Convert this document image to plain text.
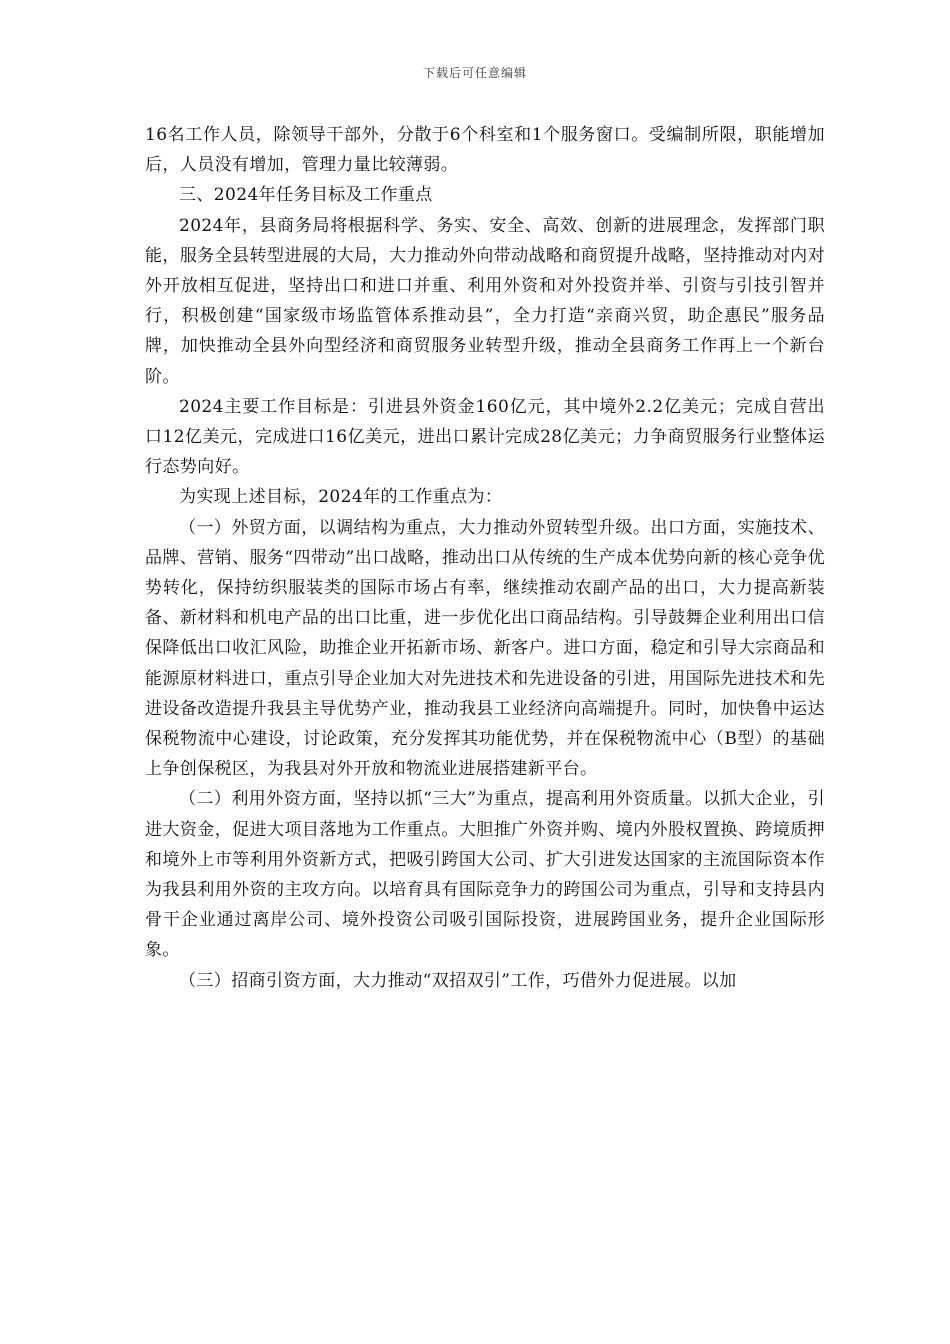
下载后可任意编辑

16名工作人员，除领导干部外，分散于6个科室和1个服务窗口。受编制所限，职能增加后，人员没有增加，管理力量比较薄弱。

三、2024年任务目标及工作重点

2024年，县商务局将根据科学、务实、安全、高效、创新的进展理念，发挥部门职能，服务全县转型进展的大局，大力推动外向带动战略和商贸提升战略，坚持推动对内对外开放相互促进，坚持出口和进口并重、利用外资和对外投资并举、引资与引技引智并行，积极创建“国家级市场监管体系推动县”，全力打造“亲商兴贸，助企惠民”服务品牌，加快推动全县外向型经济和商贸服务业转型升级，推动全县商务工作再上一个新台阶。

2024主要工作目标是：引进县外资金160亿元，其中境外2.2亿美元；完成自营出口12亿美元，完成进口16亿美元，进出口累计完成28亿美元；力争商贸服务行业整体运行态势向好。

为实现上述目标，2024年的工作重点为：

（一）外贸方面，以调结构为重点，大力推动外贸转型升级。出口方面，实施技术、品牌、营销、服务“四带动”出口战略，推动出口从传统的生产成本优势向新的核心竞争优势转化，保持纺织服装类的国际市场占有率，继续推动农副产品的出口，大力提高新装备、新材料和机电产品的出口比重，进一步优化出口商品结构。引导鼓舞企业利用出口信保降低出口收汇风险，助推企业开拓新市场、新客户。进口方面，稳定和引导大宗商品和能源原材料进口，重点引导企业加大对先进技术和先进设备的引进，用国际先进技术和先进设备改造提升我县主导优势产业，推动我县工业经济向高端提升。同时，加快鲁中运达保税物流中心建设，讨论政策，充分发挥其功能优势，并在保税物流中心（B型）的基础上争创保税区，为我县对外开放和物流业进展搭建新平台。

（二）利用外资方面，坚持以抓“三大”为重点，提高利用外资质量。以抓大企业，引进大资金，促进大项目落地为工作重点。大胆推广外资并购、境内外股权置换、跨境质押和境外上市等利用外资新方式，把吸引跨国大公司、扩大引进发达国家的主流国际资本作为我县利用外资的主攻方向。以培育具有国际竞争力的跨国公司为重点，引导和支持县内骨干企业通过离岸公司、境外投资公司吸引国际投资，进展跨国业务，提升企业国际形象。

（三）招商引资方面，大力推动“双招双引”工作，巧借外力促进展。以加
